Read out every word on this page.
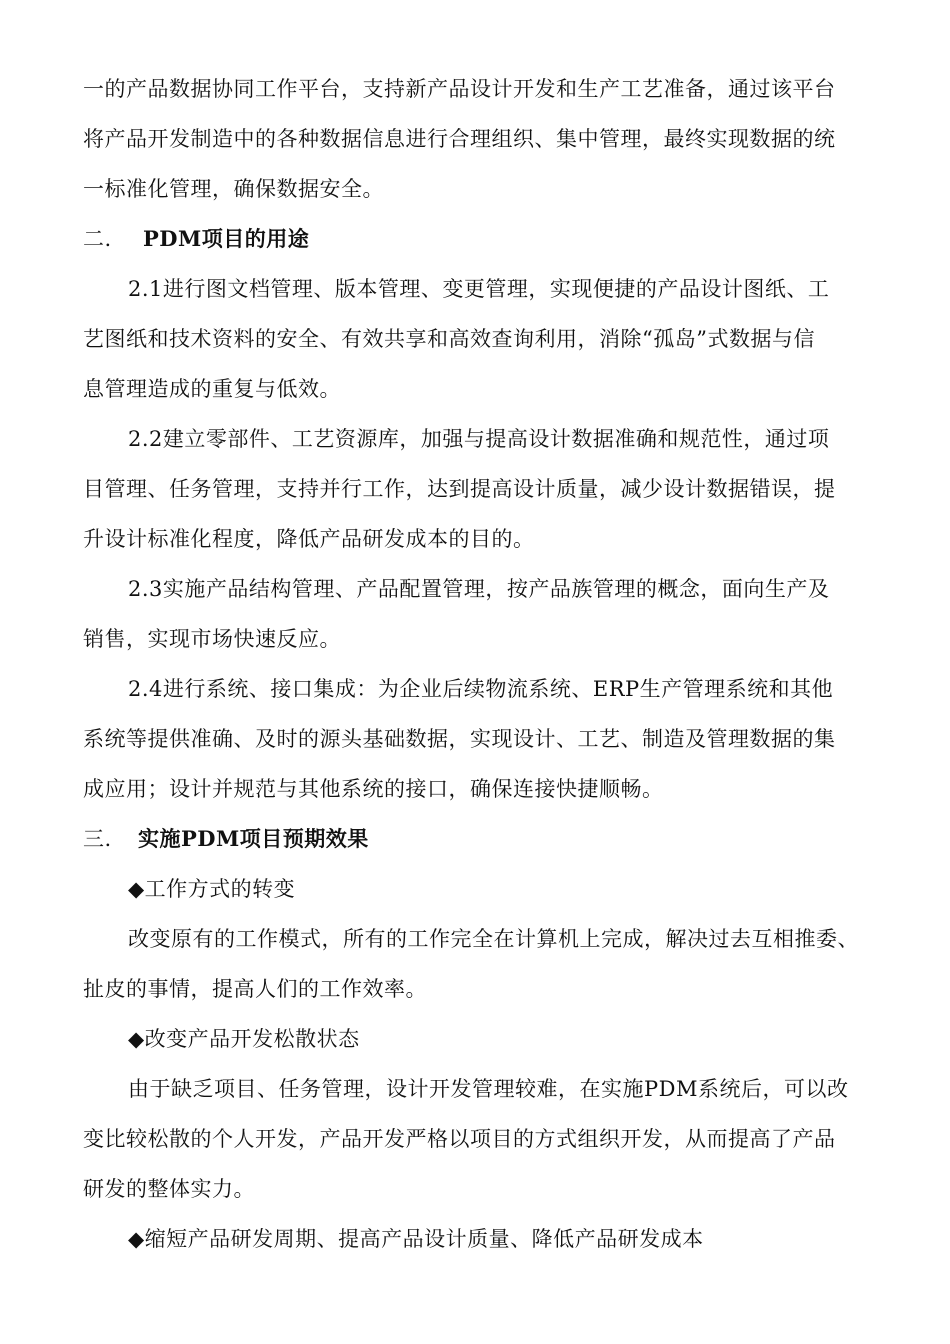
一的产品数据协同工作平台，支持新产品设计开发和生产工艺准备，通过该平台
将产品开发制造中的各种数据信息进行合理组织、集中管理，最终实现数据的统
一标准化管理，确保数据安全。
二. PDM项目的用途
2.1进行图文档管理、版本管理、变更管理，实现便捷的产品设计图纸、工
艺图纸和技术资料的安全、有效共享和高效查询利用，消除“孤岛”式数据与信
息管理造成的重复与低效。
2.2建立零部件、工艺资源库，加强与提高设计数据准确和规范性，通过项
目管理、任务管理，支持并行工作，达到提高设计质量，减少设计数据错误，提
升设计标准化程度，降低产品研发成本的目的。
2.3实施产品结构管理、产品配置管理，按产品族管理的概念，面向生产及
销售，实现市场快速反应。
2.4进行系统、接口集成：为企业后续物流系统、ERP生产管理系统和其他
系统等提供准确、及时的源头基础数据，实现设计、工艺、制造及管理数据的集
成应用；设计并规范与其他系统的接口，确保连接快捷顺畅。
三. 实施PDM项目预期效果
◆工作方式的转变
改变原有的工作模式，所有的工作完全在计算机上完成，解决过去互相推委、
扯皮的事情，提高人们的工作效率。
◆改变产品开发松散状态
由于缺乏项目、任务管理，设计开发管理较难，在实施PDM系统后，可以改
变比较松散的个人开发，产品开发严格以项目的方式组织开发，从而提高了产品
研发的整体实力。
◆缩短产品研发周期、提高产品设计质量、降低产品研发成本
